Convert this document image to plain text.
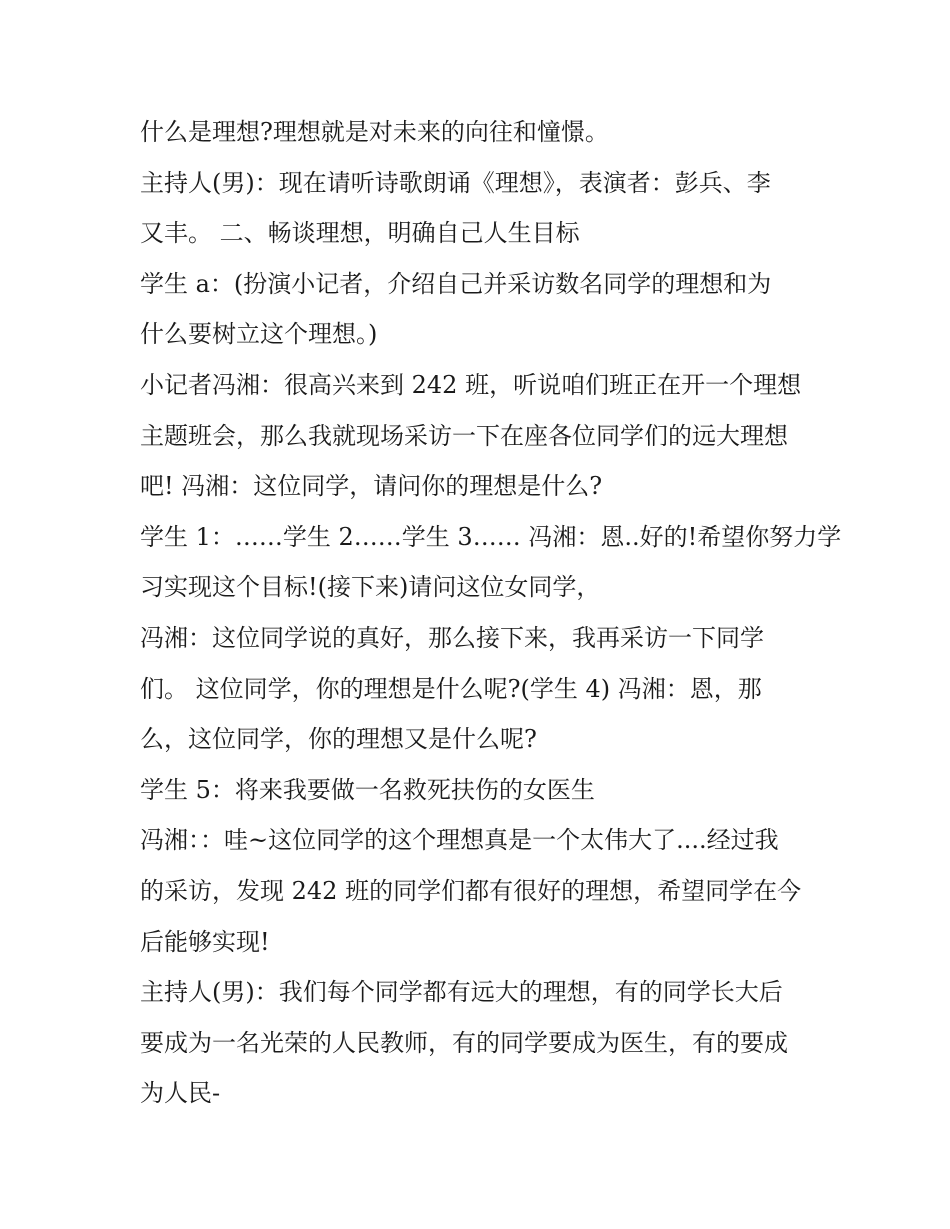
什么是理想?理想就是对未来的向往和憧憬。
主持人(男)：现在请听诗歌朗诵《理想》，表演者：彭兵、李
又丰。 二、畅谈理想，明确自己人生目标
学生 a：(扮演小记者，介绍自己并采访数名同学的理想和为
什么要树立这个理想。)
小记者冯湘：很高兴来到 242 班，听说咱们班正在开一个理想
主题班会，那么我就现场采访一下在座各位同学们的远大理想
吧! 冯湘：这位同学，请问你的理想是什么?
学生 1：……学生 2……学生 3…… 冯湘：恩..好的!希望你努力学
习实现这个目标!(接下来)请问这位女同学，
冯湘：这位同学说的真好，那么接下来，我再采访一下同学
们。 这位同学，你的理想是什么呢?(学生 4) 冯湘：恩，那
么，这位同学，你的理想又是什么呢?
学生 5：将来我要做一名救死扶伤的女医生
冯湘：：哇~这位同学的这个理想真是一个太伟大了....经过我
的采访，发现 242 班的同学们都有很好的理想，希望同学在今
后能够实现!
主持人(男)：我们每个同学都有远大的理想，有的同学长大后
要成为一名光荣的人民教师，有的同学要成为医生，有的要成
为人民-
